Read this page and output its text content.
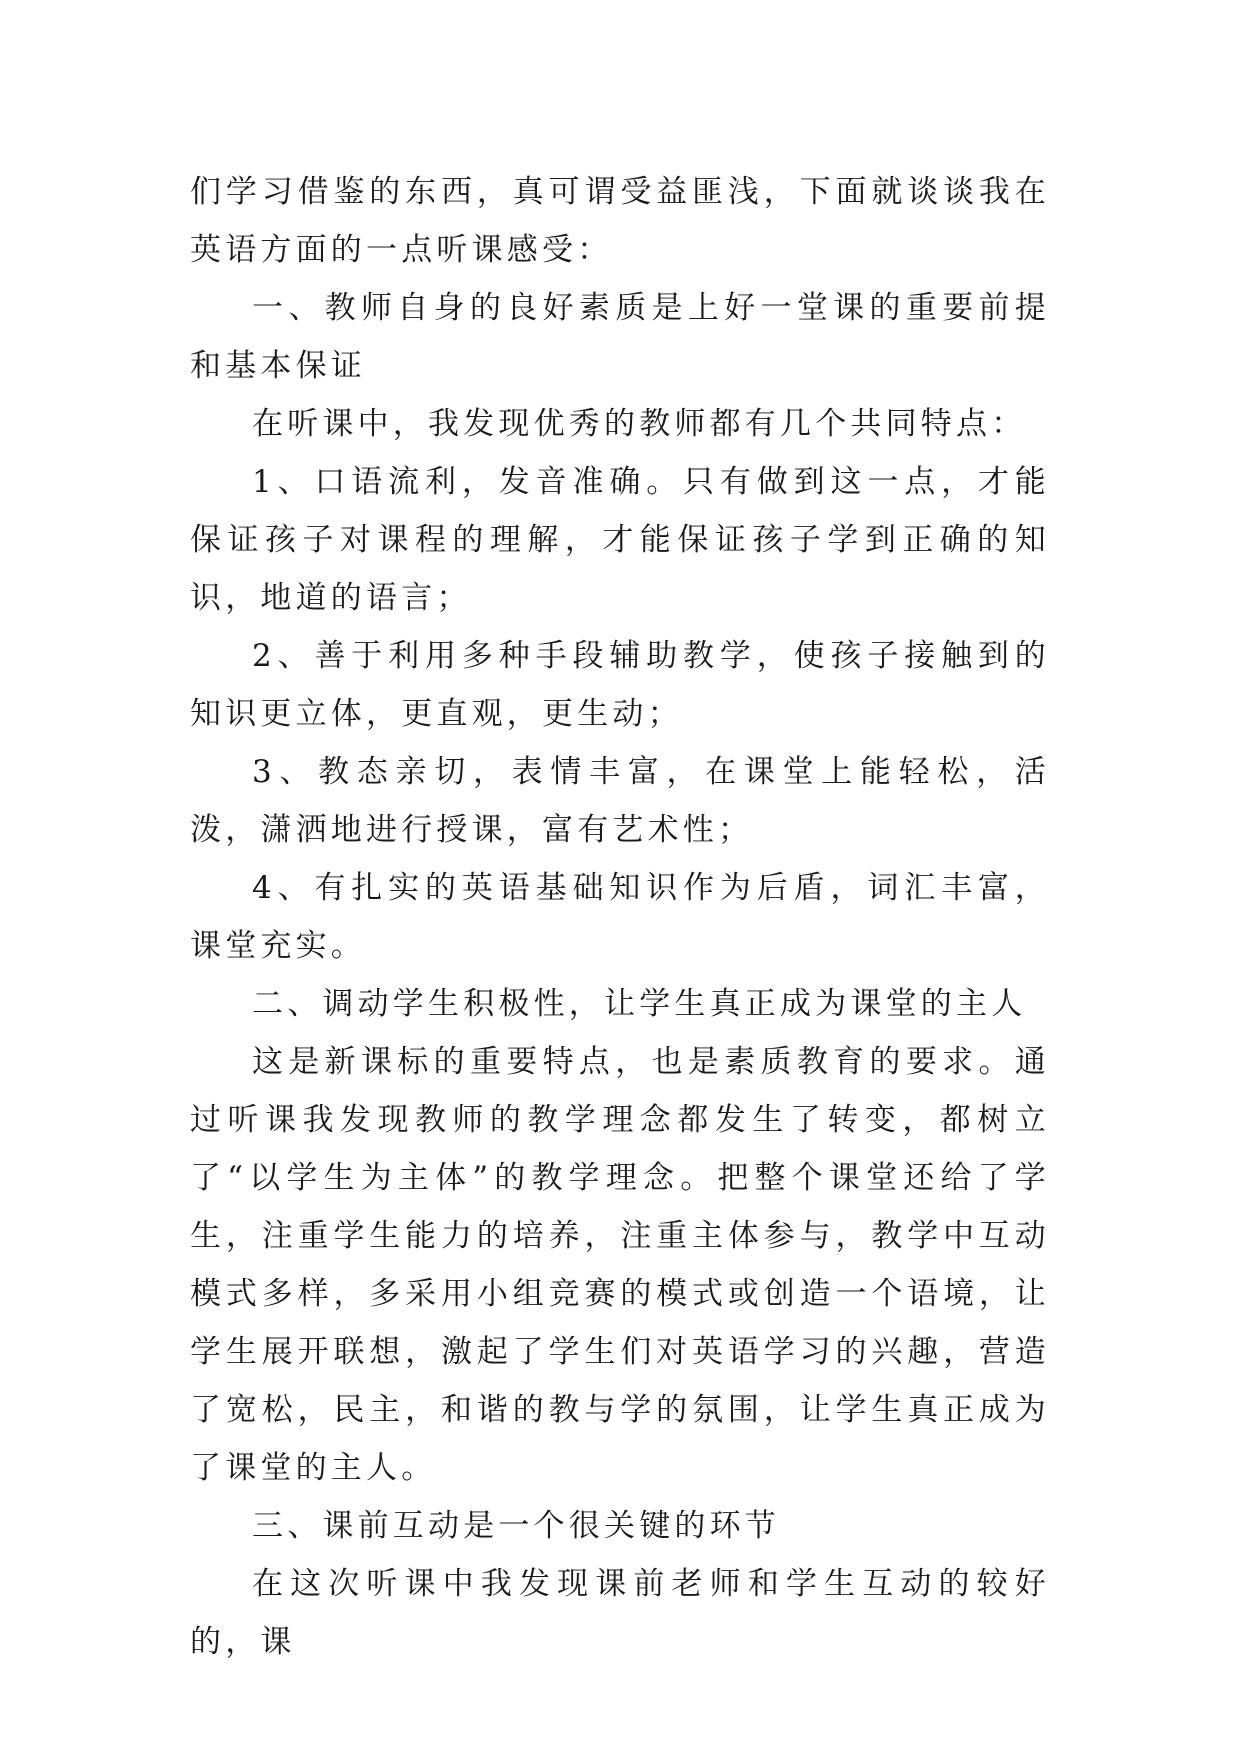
们学习借鉴的东西，真可谓受益匪浅，下面就谈谈我在英语方面的一点听课感受：

一、教师自身的良好素质是上好一堂课的重要前提和基本保证

在听课中，我发现优秀的教师都有几个共同特点：

1、口语流利，发音准确。只有做到这一点，才能保证孩子对课程的理解，才能保证孩子学到正确的知识，地道的语言；

2、善于利用多种手段辅助教学，使孩子接触到的知识更立体，更直观，更生动；

3、教态亲切，表情丰富，在课堂上能轻松，活泼，潇洒地进行授课，富有艺术性；

4、有扎实的英语基础知识作为后盾，词汇丰富，课堂充实。

二、调动学生积极性，让学生真正成为课堂的主人

这是新课标的重要特点，也是素质教育的要求。通过听课我发现教师的教学理念都发生了转变，都树立了“以学生为主体”的教学理念。把整个课堂还给了学生，注重学生能力的培养，注重主体参与，教学中互动模式多样，多采用小组竞赛的模式或创造一个语境，让学生展开联想，激起了学生们对英语学习的兴趣，营造了宽松，民主，和谐的教与学的氛围，让学生真正成为了课堂的主人。

三、课前互动是一个很关键的环节

在这次听课中我发现课前老师和学生互动的较好的，课
